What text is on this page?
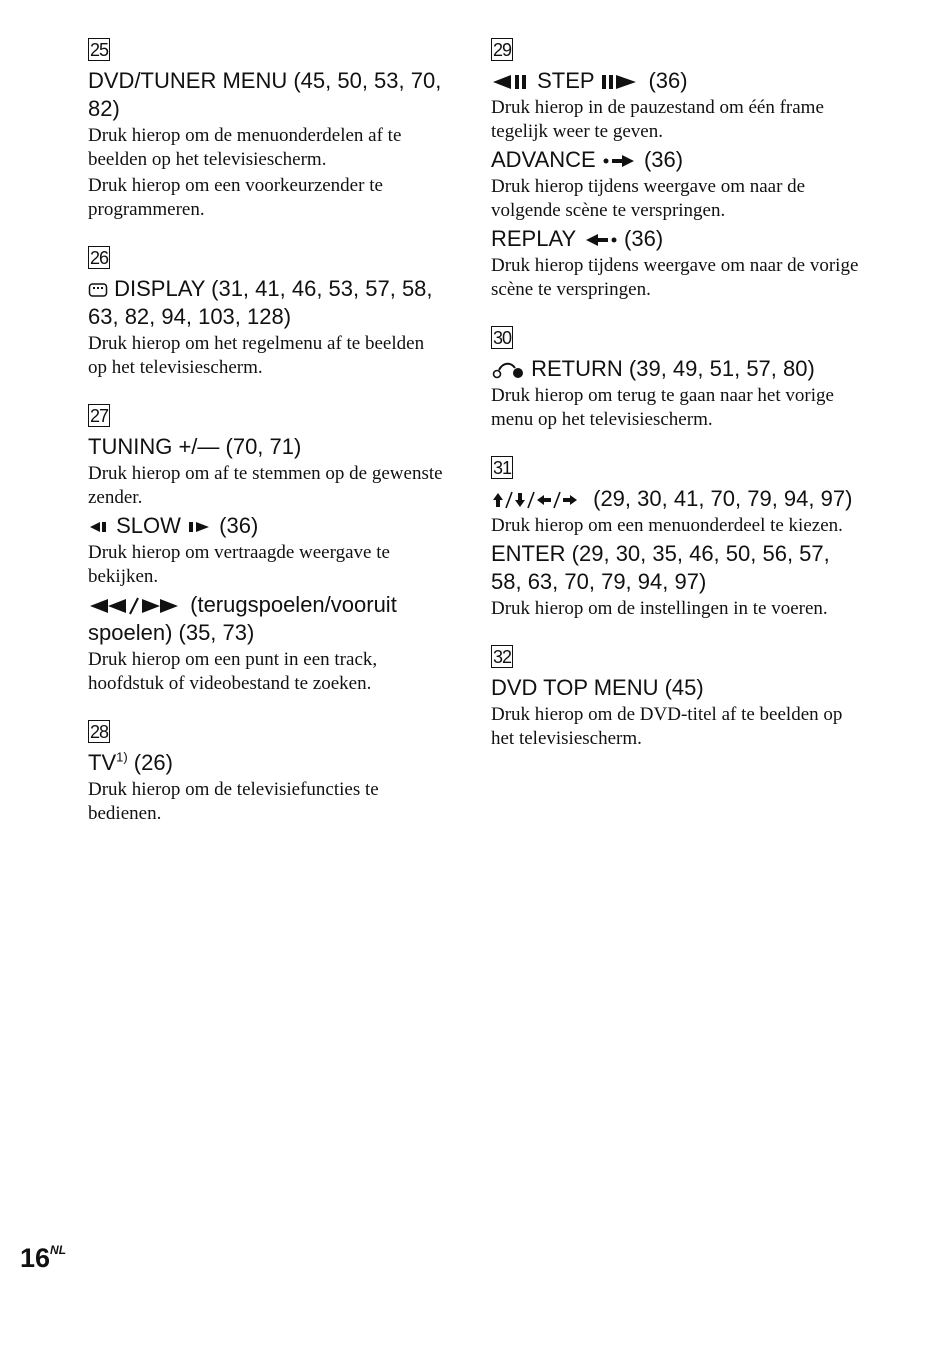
25
DVD/TUNER MENU (45, 50, 53, 70, 82)
Druk hierop om de menuonderdelen af te beelden op het televisiescherm.
Druk hierop om een voorkeurzender te programmeren.
26
DISPLAY (31, 41, 46, 53, 57, 58, 63, 82, 94, 103, 128)
Druk hierop om het regelmenu af te beelden op het televisiescherm.
27
TUNING +/— (70, 71)
Druk hierop om af te stemmen op de gewenste zender.
SLOW (36)
Druk hierop om vertraagde weergave te bekijken.
(terugspoelen/vooruit spoelen) (35, 73)
Druk hierop om een punt in een track, hoofdstuk of videobestand te zoeken.
28
TV$^{1)}$ (26)
Druk hierop om de televisiefuncties te bedienen.
29
STEP (36)
Druk hierop in de pauzestand om één frame tegelijk weer te geven.
ADVANCE (36)
Druk hierop tijdens weergave om naar de volgende scène te verspringen.
REPLAY (36)
Druk hierop tijdens weergave om naar de vorige scène te verspringen.
30
RETURN (39, 49, 51, 57, 80)
Druk hierop om terug te gaan naar het vorige menu op het televisiescherm.
31
(29, 30, 41, 70, 79, 94, 97)
Druk hierop om een menuonderdeel te kiezen.
ENTER (29, 30, 35, 46, 50, 56, 57, 58, 63, 70, 79, 94, 97)
Druk hierop om de instellingen in te voeren.
32
DVD TOP MENU (45)
Druk hierop om de DVD-titel af te beelden op het televisiescherm.
$16^{NL}$
